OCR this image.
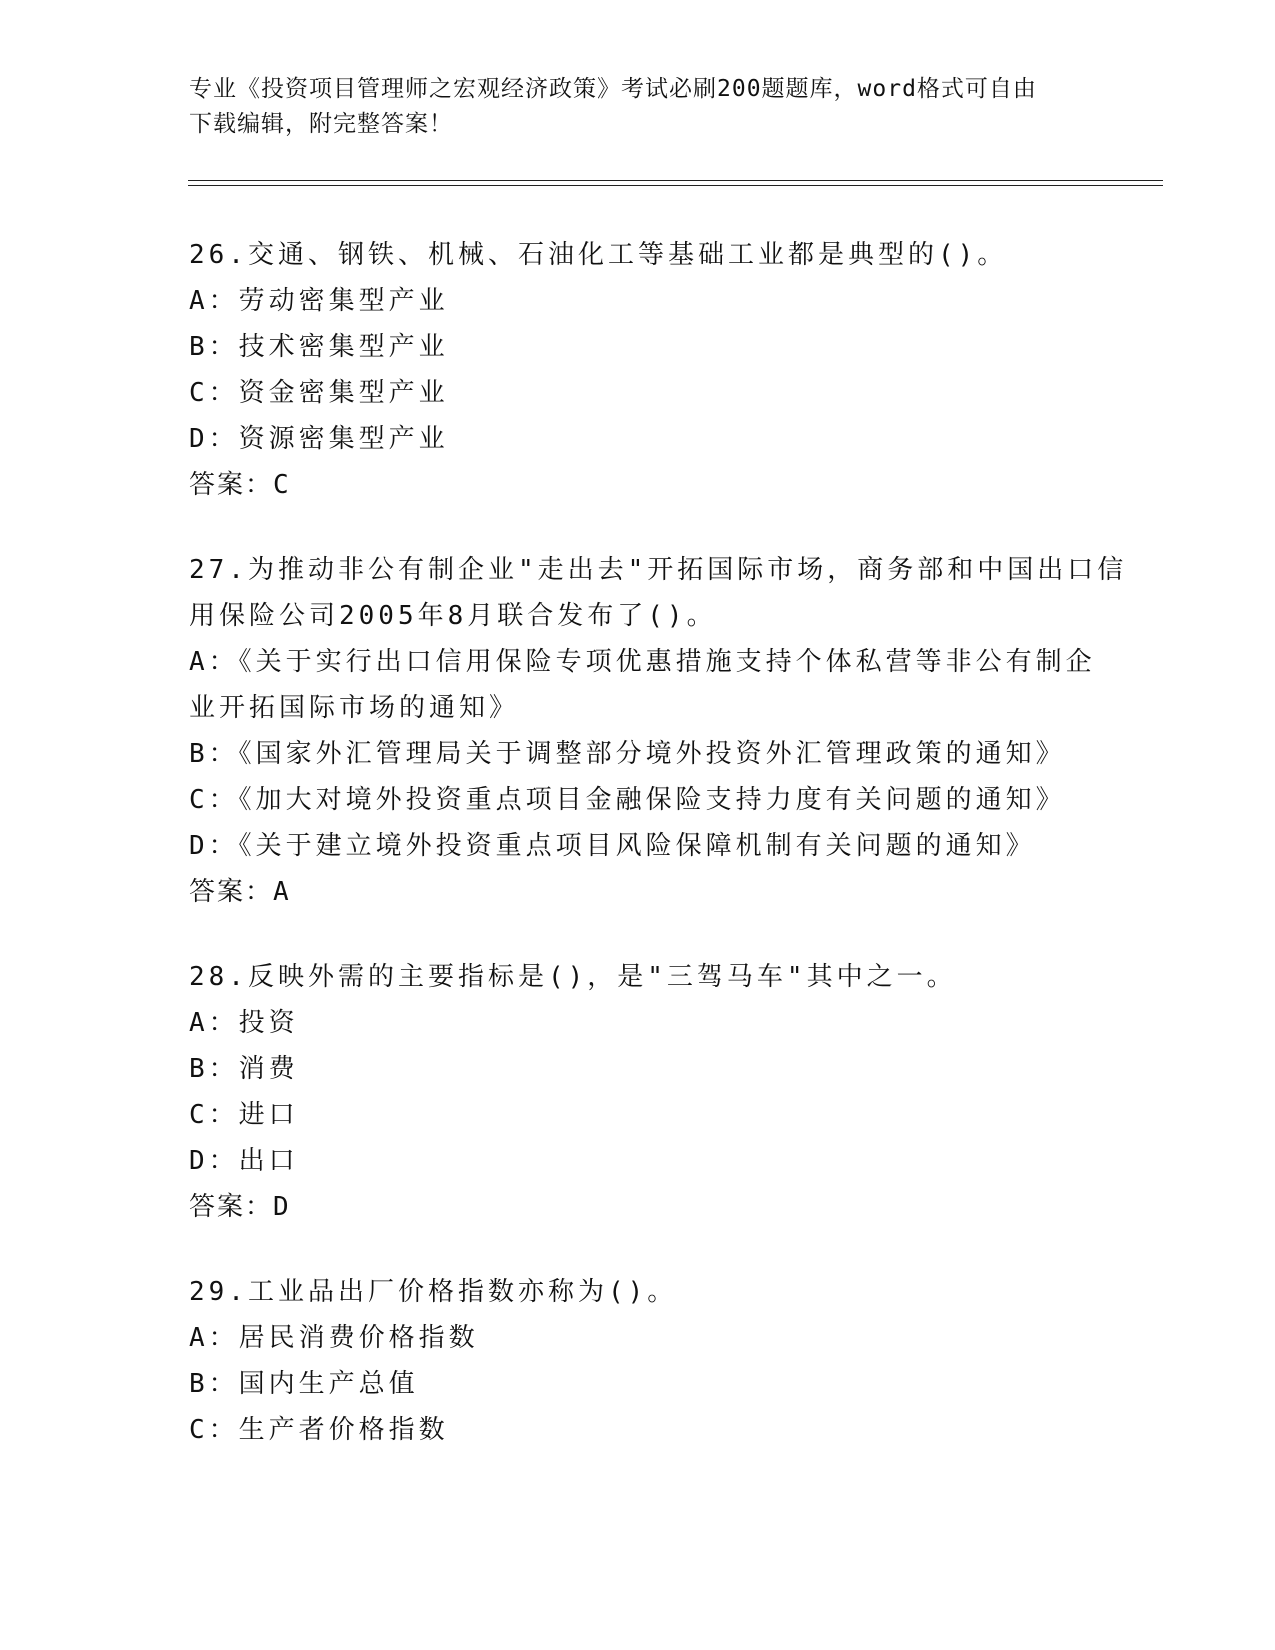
专业《投资项目管理师之宏观经济政策》考试必刷200题题库，word格式可自由
下载编辑，附完整答案！
26.交通、钢铁、机械、石油化工等基础工业都是典型的()。
A：劳动密集型产业
B：技术密集型产业
C：资金密集型产业
D：资源密集型产业
答案：C
27.为推动非公有制企业"走出去"开拓国际市场，商务部和中国出口信
用保险公司2005年8月联合发布了()。
A：《关于实行出口信用保险专项优惠措施支持个体私营等非公有制企
业开拓国际市场的通知》
B：《国家外汇管理局关于调整部分境外投资外汇管理政策的通知》
C：《加大对境外投资重点项目金融保险支持力度有关问题的通知》
D：《关于建立境外投资重点项目风险保障机制有关问题的通知》
答案：A
28.反映外需的主要指标是()，是"三驾马车"其中之一。
A：投资
B：消费
C：进口
D：出口
答案：D
29.工业品出厂价格指数亦称为()。
A：居民消费价格指数
B：国内生产总值
C：生产者价格指数
